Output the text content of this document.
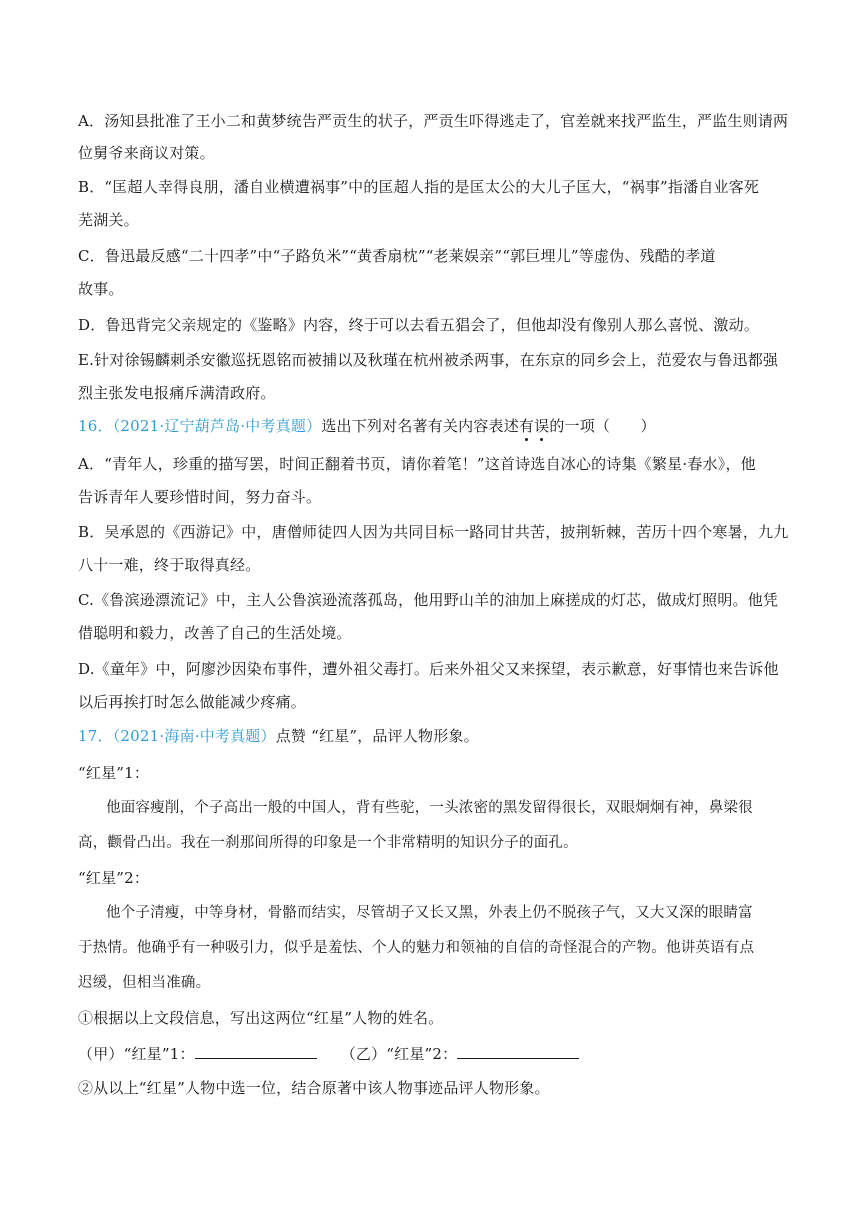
A．汤知县批准了王小二和黄梦统告严贡生的状子，严贡生吓得逃走了，官差就来找严监生，严监生则请两
位舅爷来商议对策。
B．“匡超人幸得良朋，潘自业横遭祸事”中的匡超人指的是匡太公的大儿子匡大，“祸事”指潘自业客死
芜湖关。
C．鲁迅最反感“二十四孝”中“子路负米”“黄香扇枕”“老莱娱亲”“郭巨埋儿”等虚伪、残酷的孝道
故事。
D．鲁迅背完父亲规定的《鉴略》内容，终于可以去看五猖会了，但他却没有像别人那么喜悦、激动。
E.针对徐锡麟刺杀安徽巡抚恩铭而被捕以及秋瑾在杭州被杀两事，在东京的同乡会上，范爱农与鲁迅都强
烈主张发电报痛斥满清政府。
16．（2021·辽宁葫芦岛·中考真题）选出下列对名著有关内容表述有误的一项（　　）
A．“青年人，珍重的描写罢，时间正翻着书页，请你着笔！”这首诗选自冰心的诗集《繁星·春水》，他
告诉青年人要珍惜时间，努力奋斗。
B．吴承恩的《西游记》中，唐僧师徒四人因为共同目标一路同甘共苦，披荆斩棘，苦历十四个寒暑，九九
八十一难，终于取得真经。
C.《鲁滨逊漂流记》中，主人公鲁滨逊流落孤岛，他用野山羊的油加上麻搓成的灯芯，做成灯照明。他凭
借聪明和毅力，改善了自己的生活处境。
D.《童年》中，阿廖沙因染布事件，遭外祖父毒打。后来外祖父又来探望，表示歉意，好事情也来告诉他
以后再挨打时怎么做能减少疼痛。
17．（2021·海南·中考真题）点赞 “红星”，品评人物形象。
“红星”1：
他面容瘦削，个子高出一般的中国人，背有些驼，一头浓密的黑发留得很长，双眼炯炯有神，鼻梁很
高，颧骨凸出。我在一刹那间所得的印象是一个非常精明的知识分子的面孔。
“红星”2：
他个子清瘦，中等身材，骨骼而结实，尽管胡子又长又黑，外表上仍不脱孩子气，又大又深的眼睛富
于热情。他确乎有一种吸引力，似乎是羞怯、个人的魅力和领袖的自信的奇怪混合的产物。他讲英语有点
迟缓，但相当准确。
①根据以上文段信息，写出这两位“红星”人物的姓名。
（甲）“红星”1：	（乙）“红星”2：
②从以上“红星”人物中选一位，结合原著中该人物事迹品评人物形象。
